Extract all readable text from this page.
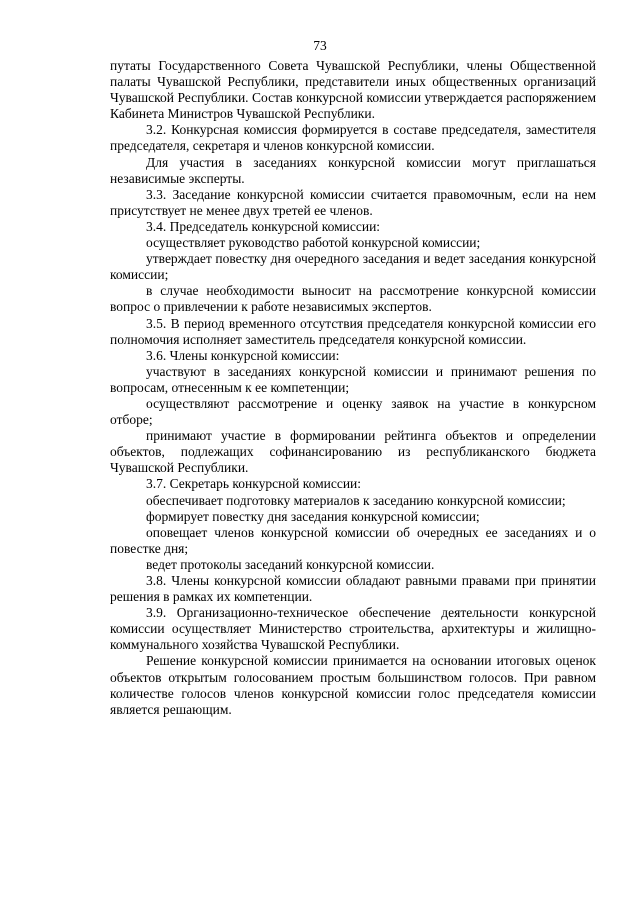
73

путаты Государственного Совета Чувашской Республики, члены Общественной палаты Чувашской Республики, представители иных общественных организаций Чувашской Республики. Состав конкурсной комиссии утверждается распоряжением Кабинета Министров Чувашской Республики.

3.2. Конкурсная комиссия формируется в составе председателя, заместителя председателя, секретаря и членов конкурсной комиссии.

Для участия в заседаниях конкурсной комиссии могут приглашаться независимые эксперты.

3.3. Заседание конкурсной комиссии считается правомочным, если на нем присутствует не менее двух третей ее членов.

3.4. Председатель конкурсной комиссии:

осуществляет руководство работой конкурсной комиссии;

утверждает повестку дня очередного заседания и ведет заседания конкурсной комиссии;

в случае необходимости выносит на рассмотрение конкурсной комиссии вопрос о привлечении к работе независимых экспертов.

3.5. В период временного отсутствия председателя конкурсной комиссии его полномочия исполняет заместитель председателя конкурсной комиссии.

3.6. Члены конкурсной комиссии:

участвуют в заседаниях конкурсной комиссии и принимают решения по вопросам, отнесенным к ее компетенции;

осуществляют рассмотрение и оценку заявок на участие в конкурсном отборе;

принимают участие в формировании рейтинга объектов и определении объектов, подлежащих софинансированию из республиканского бюджета Чувашской Республики.

3.7. Секретарь конкурсной комиссии:

обеспечивает подготовку материалов к заседанию конкурсной комиссии;

формирует повестку дня заседания конкурсной комиссии;

оповещает членов конкурсной комиссии об очередных ее заседаниях и о повестке дня;

ведет протоколы заседаний конкурсной комиссии.

3.8. Члены конкурсной комиссии обладают равными правами при принятии решения в рамках их компетенции.

3.9. Организационно-техническое обеспечение деятельности конкурсной комиссии осуществляет Министерство строительства, архитектуры и жилищно-коммунального хозяйства Чувашской Республики.

Решение конкурсной комиссии принимается на основании итоговых оценок объектов открытым голосованием простым большинством голосов. При равном количестве голосов членов конкурсной комиссии голос председателя комиссии является решающим.
